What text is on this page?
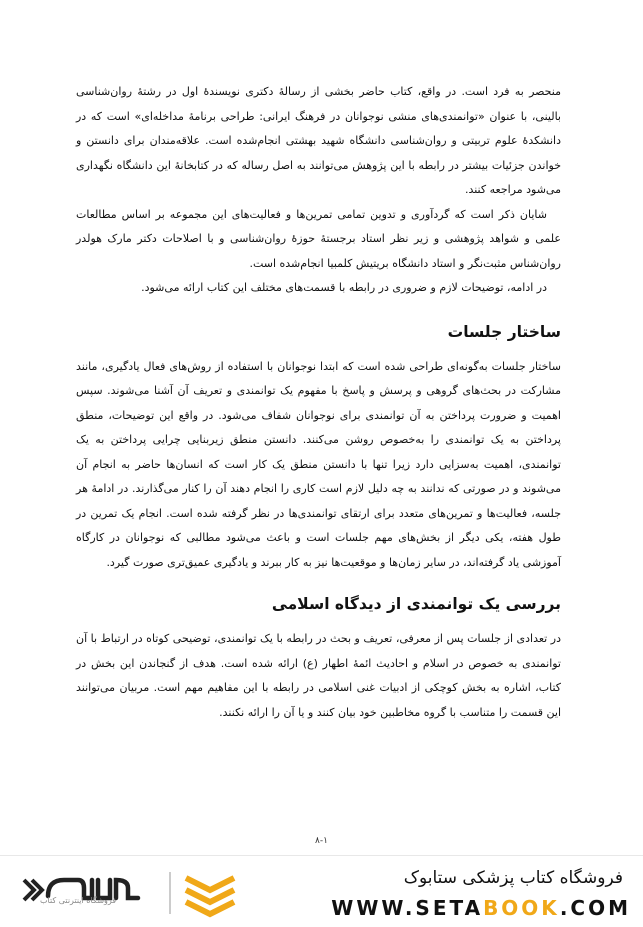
منحصر به فرد است. در واقع، کتاب حاضر بخشی از رسالهٔ دکتری نویسندهٔ اول در رشتهٔ روان‌شناسی بالینی، با عنوان «توانمندی‌های منشی نوجوانان در فرهنگ ایرانی: طراحی برنامهٔ مداخله‌ای» است که در دانشکدهٔ علوم تربیتی و روان‌شناسی دانشگاه شهید بهشتی انجام‌شده است. علاقه‌مندان برای دانستن و خواندن جزئیات بیشتر در رابطه با این پژوهش می‌توانند به اصل رساله که در کتابخانهٔ این دانشگاه نگهداری می‌شود مراجعه کنند.

شایان ذکر است که گردآوری و تدوین تمامی تمرین‌ها و فعالیت‌های این مجموعه بر اساس مطالعات علمی و شواهد پژوهشی و زیر نظر استاد برجستهٔ حوزهٔ روان‌شناسی و با اصلاحات دکتر مارک هولدر روان‌شناس مثبت‌نگر و استاد دانشگاه بریتیش کلمبیا انجام‌شده است.

در ادامه، توضیحات لازم و ضروری در رابطه با قسمت‌های مختلف این کتاب ارائه می‌شود.

ساختار جلسات

ساختار جلسات به‌گونه‌ای طراحی شده است که ابتدا نوجوانان با استفاده از روش‌های فعال یادگیری، مانند مشارکت در بحث‌های گروهی و پرسش و پاسخ با مفهوم یک توانمندی و تعریف آن آشنا می‌شوند. سپس اهمیت و ضرورت پرداختن به آن توانمندی برای نوجوانان شفاف می‌شود. در واقع این توضیحات، منطق پرداختن به یک توانمندی را به‌خصوص روشن می‌کنند. دانستن منطق زیربنایی چرایی پرداختن به یک توانمندی، اهمیت به‌سزایی دارد زیرا تنها با دانستن منطق یک کار است که انسان‌ها حاضر به انجام آن می‌شوند و در صورتی که ندانند به چه دلیل لازم است کاری را انجام دهند آن را کنار می‌گذارند. در ادامهٔ هر جلسه، فعالیت‌ها و تمرین‌های متعدد برای ارتقای توانمندی‌ها در نظر گرفته شده است. انجام یک تمرین در طول هفته، یکی دیگر از بخش‌های مهم جلسات است و باعث می‌شود مطالبی که نوجوانان در کارگاه آموزشی یاد گرفته‌اند، در سایر زمان‌ها و موقعیت‌ها نیز به کار ببرند و یادگیری عمیق‌تری صورت گیرد.

بررسی یک توانمندی از دیدگاه اسلامی

در تعدادی از جلسات پس از معرفی، تعریف و بحث در رابطه با یک توانمندی، توضیحی کوتاه در ارتباط با آن توانمندی به خصوص در اسلام و احادیث ائمهٔ اطهار (ع) ارائه شده است. هدف از گنجاندن این بخش در کتاب، اشاره به بخش کوچکی از ادبیات غنی اسلامی در رابطه با این مفاهیم مهم است. مربیان می‌توانند این قسمت را متناسب با گروه مخاطبین خود بیان کنند و یا آن را ارائه نکنند.

۸-۱
فروشگاه اینترنتی کتاب
فروشگاه کتاب پزشکی ستابوک
WWW.SETABOOK.COM
